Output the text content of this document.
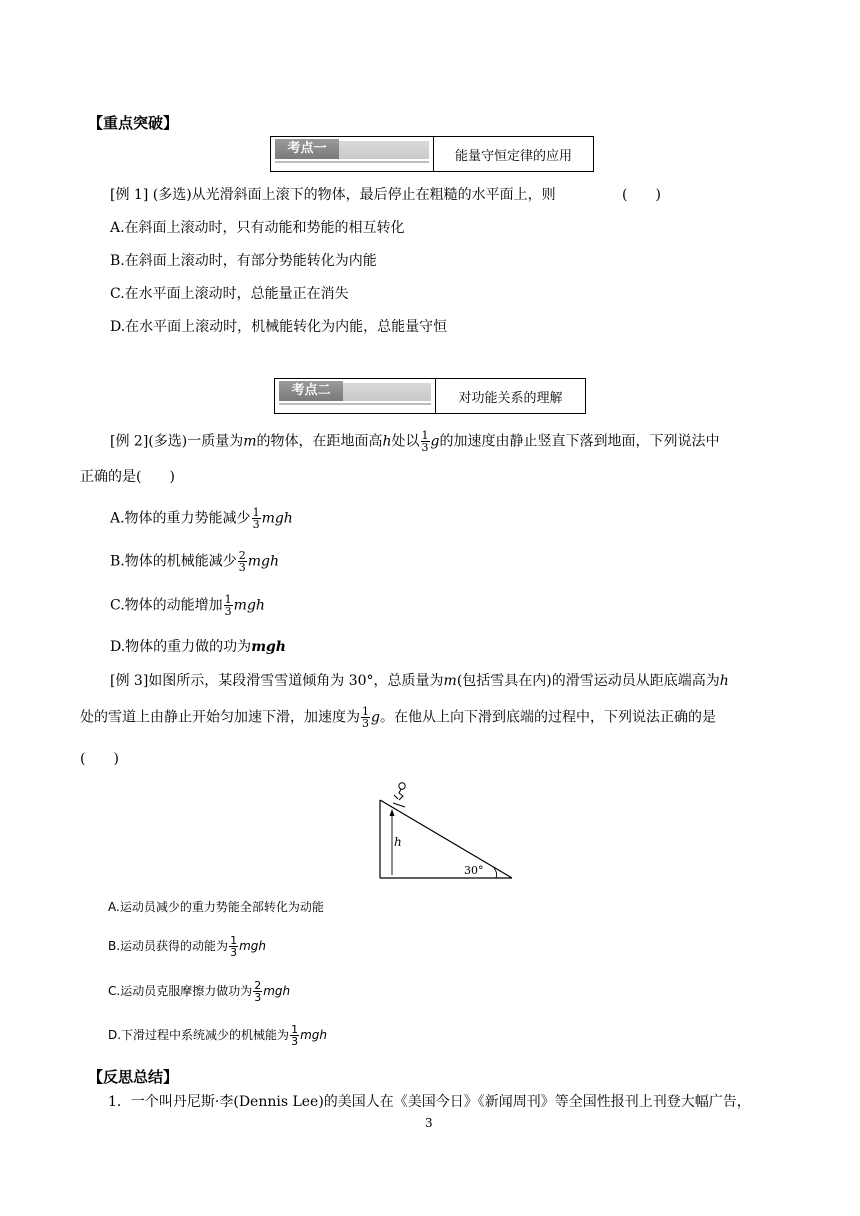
【重点突破】
考点一	能量守恒定律的应用
[例 1] (多选)从光滑斜面上滚下的物体，最后停止在粗糙的水平面上，则	(　　)
A.在斜面上滚动时，只有动能和势能的相互转化
B.在斜面上滚动时，有部分势能转化为内能
C.在水平面上滚动时，总能量正在消失
D.在水平面上滚动时，机械能转化为内能，总能量守恒
考点二	对功能关系的理解
[例 2](多选)一质量为m的物体，在距地面高h处以 $\frac{1}{3}$ g的加速度由静止竖直下落到地面，下列说法中
正确的是(　　)
A.物体的重力势能减少 $\frac{1}{3}$ mgh
B.物体的机械能减少 $\frac{2}{3}$ mgh
C.物体的动能增加 $\frac{1}{3}$ mgh
D.物体的重力做的功为mgh
[例 3]如图所示，某段滑雪雪道倾角为 30°，总质量为m(包括雪具在内)的滑雪运动员从距底端高为h
处的雪道上由静止开始匀加速下滑，加速度为 $\frac{1}{3}$ g。在他从上向下滑到底端的过程中，下列说法正确的是
(　　)
h
30°
A.运动员减少的重力势能全部转化为动能
B.运动员获得的动能为 $\frac{1}{3}$ mgh
C.运动员克服摩擦力做功为 $\frac{2}{3}$ mgh
D.下滑过程中系统减少的机械能为 $\frac{1}{3}$ mgh
【反思总结】
1．一个叫丹尼斯·李(Dennis Lee)的美国人在《美国今日》《新闻周刊》等全国性报刊上刊登大幅广告，
3
